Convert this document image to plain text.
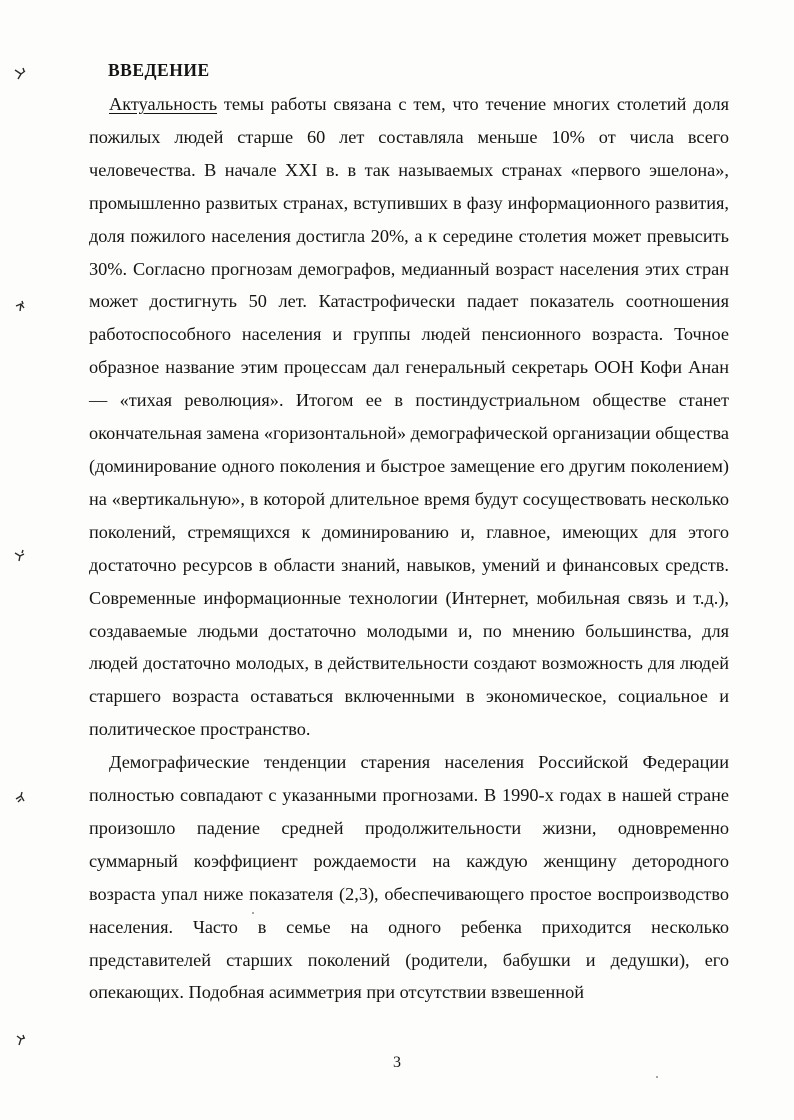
ВВЕДЕНИЕ

Актуальность темы работы связана с тем, что течение многих столетий доля пожилых людей старше 60 лет составляла меньше 10% от числа всего человечества. В начале XXI в. в так называемых странах «первого эшелона», промышленно развитых странах, вступивших в фазу информационного развития, доля пожилого населения достигла 20%, а к середине столетия может превысить 30%. Согласно прогнозам демографов, медианный возраст населения этих стран может достигнуть 50 лет. Катастрофически падает показатель соотношения работоспособного населения и группы людей пенсионного возраста. Точное образное название этим процессам дал генеральный секретарь ООН Кофи Анан — «тихая революция». Итогом ее в постиндустриальном обществе станет окончательная замена «горизонтальной» демографической организации общества (доминирование одного поколения и быстрое замещение его другим поколением) на «вертикальную», в которой длительное время будут сосуществовать несколько поколений, стремящихся к доминированию и, главное, имеющих для этого достаточно ресурсов в области знаний, навыков, умений и финансовых средств. Современные информационные технологии (Интернет, мобильная связь и т.д.), создаваемые людьми достаточно молодыми и, по мнению большинства, для людей достаточно молодых, в действительности создают возможность для людей старшего возраста оставаться включенными в экономическое, социальное и политическое пространство.

Демографические тенденции старения населения Российской Федерации полностью совпадают с указанными прогнозами. В 1990-х годах в нашей стране произошло падение средней продолжительности жизни, одновременно суммарный коэффициент рождаемости на каждую женщину детородного возраста упал ниже показателя (2,3), обеспечивающего простое воспроизводство населения. Часто в семье на одного ребенка приходится несколько представителей старших поколений (родители, бабушки и дедушки), его опекающих. Подобная асимметрия при отсутствии взвешенной

3
